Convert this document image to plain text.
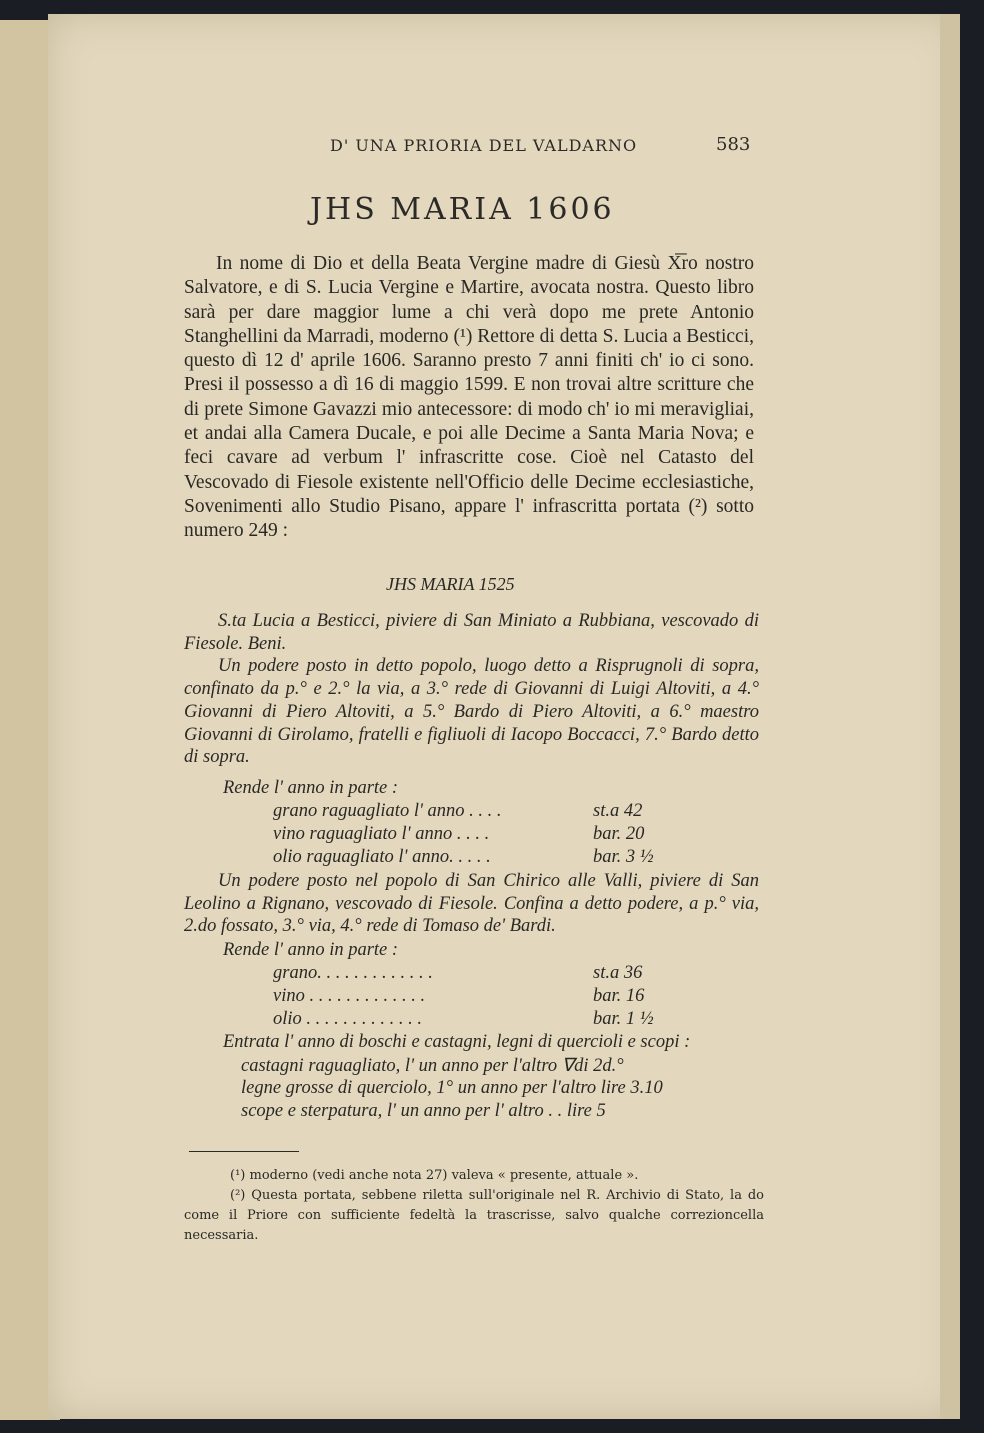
D' UNA PRIORIA DEL VALDARNO	583
JHS MARIA 1606

In nome di Dio et della Beata Vergine madre di Giesù X͞ro nostro Salvatore, e di S. Lucia Vergine e Martire, avocata nostra. Questo libro sarà per dare maggior lume a chi verà dopo me prete Antonio Stanghellini da Marradi, moderno (¹) Rettore di detta S. Lucia a Besticci, questo dì 12 d' aprile 1606. Saranno presto 7 anni finiti ch' io ci sono. Presi il possesso a dì 16 di maggio 1599. E non trovai altre scritture che di prete Simone Gavazzi mio antecessore: di modo ch' io mi meravigliai, et andai alla Camera Ducale, e poi alle Decime a Santa Maria Nova; e feci cavare ad verbum l' infrascritte cose. Cioè nel Catasto del Vescovado di Fiesole existente nell'Officio delle Decime ecclesiastiche, Sovenimenti allo Studio Pisano, appare l' infrascritta portata (²) sotto numero 249 :

JHS MARIA 1525

S.ta Lucia a Besticci, piviere di San Miniato a Rubbiana, vescovado di Fiesole. Beni.

Un podere posto in detto popolo, luogo detto a Risprugnoli di sopra, confinato da p.° e 2.° la via, a 3.° rede di Giovanni di Luigi Altoviti, a 4.° Giovanni di Piero Altoviti, a 5.° Bardo di Piero Altoviti, a 6.° maestro Giovanni di Girolamo, fratelli e figliuoli di Iacopo Boccacci, 7.° Bardo detto di sopra.

Rende l' anno in parte :
grano raguagliato l' anno . . . .	st.a 42
vino raguagliato l' anno . . . .	bar. 20
olio raguagliato l' anno. . . . .	bar. 3 ½

Un podere posto nel popolo di San Chirico alle Valli, piviere di San Leolino a Rignano, vescovado di Fiesole. Confina a detto podere, a p.° via, 2.do fossato, 3.° via, 4.° rede di Tomaso de' Bardi.

Rende l' anno in parte :
grano. . . . . . . . . . . . .	st.a 36
vino . . . . . . . . . . . . .	bar. 16
olio . . . . . . . . . . . . .	bar. 1 ½
Entrata l' anno di boschi e castagni, legni di quercioli e scopi :
castagni raguagliato, l' un anno per l'altro ∇di 2d.°
legne grosse di querciolo, 1° un anno per l'altro lire 3.10
scope e sterpatura, l' un anno per l' altro . . lire 5

(¹) moderno (vedi anche nota 27) valeva « presente, attuale ».

(²) Questa portata, sebbene riletta sull'originale nel R. Archivio di Stato, la do come il Priore con sufficiente fedeltà la trascrisse, salvo qualche correzioncella necessaria.
